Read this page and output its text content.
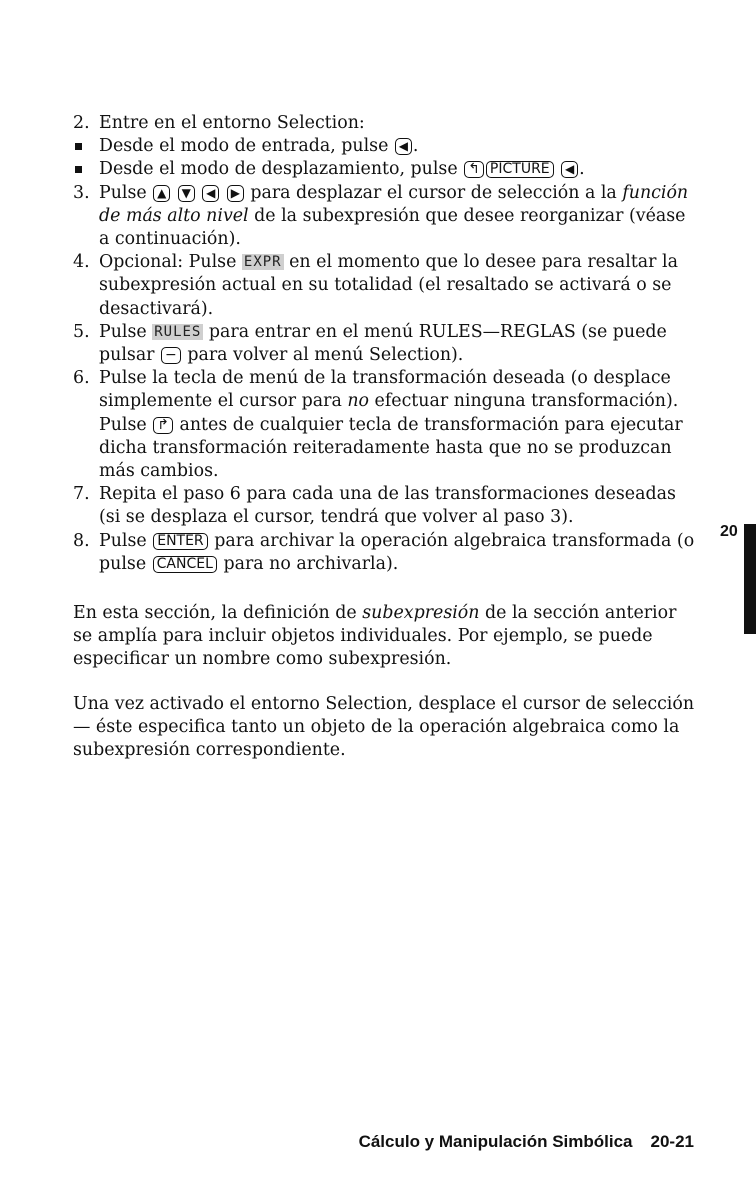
2. Entre en el entorno Selection:
Desde el modo de entrada, pulse ◀ .
Desde el modo de desplazamiento, pulse ↰ PICTURE ◀ .
3. Pulse ▲ ▼ ◀ ▶ para desplazar el cursor de selección a la función de más alto nivel de la subexpresión que desee reorganizar (véase a continuación).
4. Opcional: Pulse EXPR en el momento que lo desee para resaltar la subexpresión actual en su totalidad (el resaltado se activará o se desactivará).
5. Pulse RULES para entrar en el menú RULES—REGLAS (se puede pulsar − para volver al menú Selection).
6. Pulse la tecla de menú de la transformación deseada (o desplace simplemente el cursor para no efectuar ninguna transformación). Pulse ↱ antes de cualquier tecla de transformación para ejecutar dicha transformación reiteradamente hasta que no se produzcan más cambios.
7. Repita el paso 6 para cada una de las transformaciones deseadas (si se desplaza el cursor, tendrá que volver al paso 3).
8. Pulse ENTER para archivar la operación algebraica transformada (o pulse CANCEL para no archivarla).
En esta sección, la definición de subexpresión de la sección anterior se amplía para incluir objetos individuales. Por ejemplo, se puede especificar un nombre como subexpresión.
Una vez activado el entorno Selection, desplace el cursor de selección— éste especifica tanto un objeto de la operación algebraica como la subexpresión correspondiente.
20
Cálculo y Manipulación Simbólica 20-21
